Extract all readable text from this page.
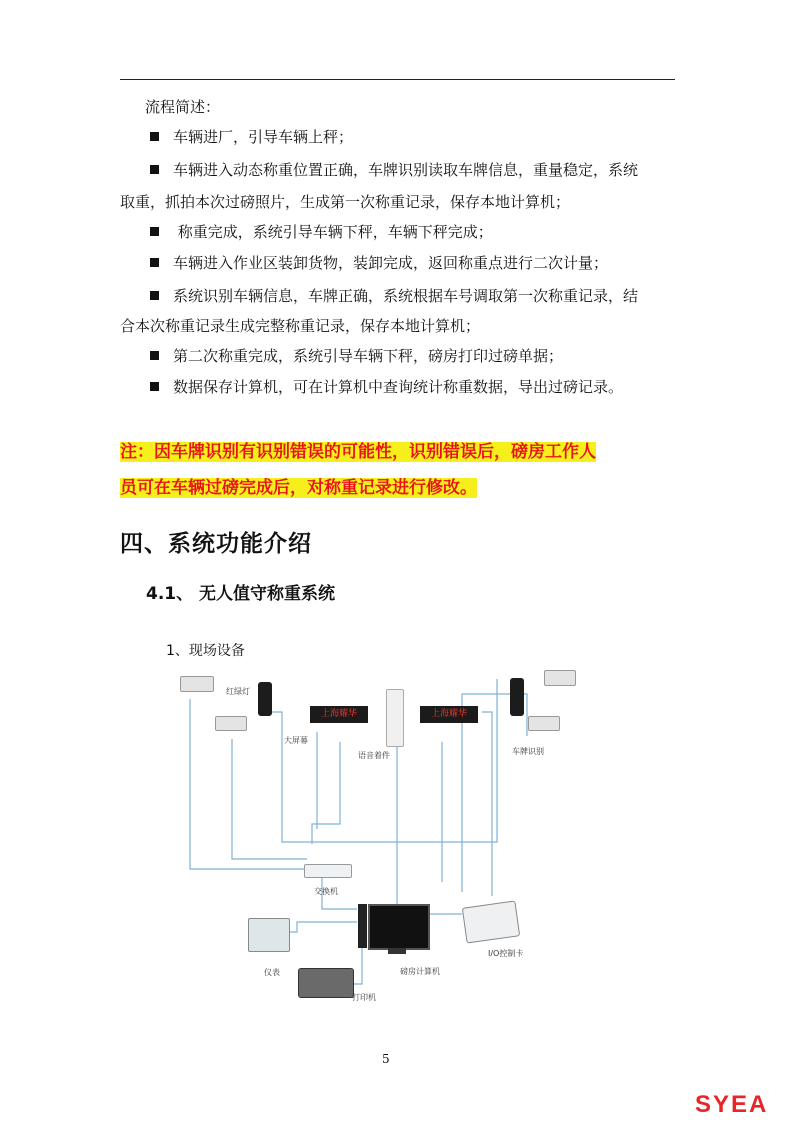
流程简述：
车辆进厂，引导车辆上秤；
车辆进入动态称重位置正确，车牌识别读取车牌信息，重量稳定，系统
取重，抓拍本次过磅照片，生成第一次称重记录，保存本地计算机；
称重完成，系统引导车辆下秤，车辆下秤完成；
车辆进入作业区装卸货物，装卸完成，返回称重点进行二次计量；
系统识别车辆信息，车牌正确，系统根据车号调取第一次称重记录，结
合本次称重记录生成完整称重记录，保存本地计算机；
第二次称重完成，系统引导车辆下秤，磅房打印过磅单据；
数据保存计算机，可在计算机中查询统计称重数据，导出过磅记录。
注：因车牌识别有识别错误的可能性，识别错误后，磅房工作人
员可在车辆过磅完成后，对称重记录进行修改。
四、系统功能介绍
4.1、 无人值守称重系统
1、现场设备
上海耀华	上海耀华
红绿灯
大屏幕
语音着件	车牌识别
交换机
仪表	磅房计算机
I/O控制卡
打印机
5
SYEA
